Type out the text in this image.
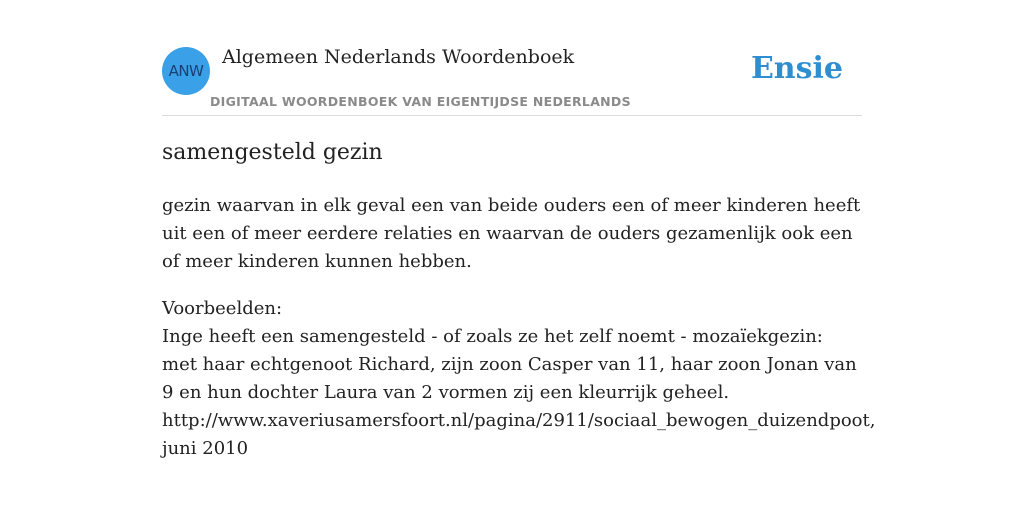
ANW
Algemeen Nederlands Woordenboek
DIGITAAL WOORDENBOEK VAN EIGENTIJDSE NEDERLANDS
Ensie
samengesteld gezin
gezin waarvan in elk geval een van beide ouders een of meer kinderen heeft uit een of meer eerdere relaties en waarvan de ouders gezamenlijk ook een of meer kinderen kunnen hebben.
Voorbeelden:
Inge heeft een samengesteld - of zoals ze het zelf noemt - mozaïekgezin: met haar echtgenoot Richard, zijn zoon Casper van 11, haar zoon Jonan van 9 en hun dochter Laura van 2 vormen zij een kleurrijk geheel.
http://www.xaveriusamersfoort.nl/pagina/2911/sociaal_bewogen_duizendpoot, juni 2010
